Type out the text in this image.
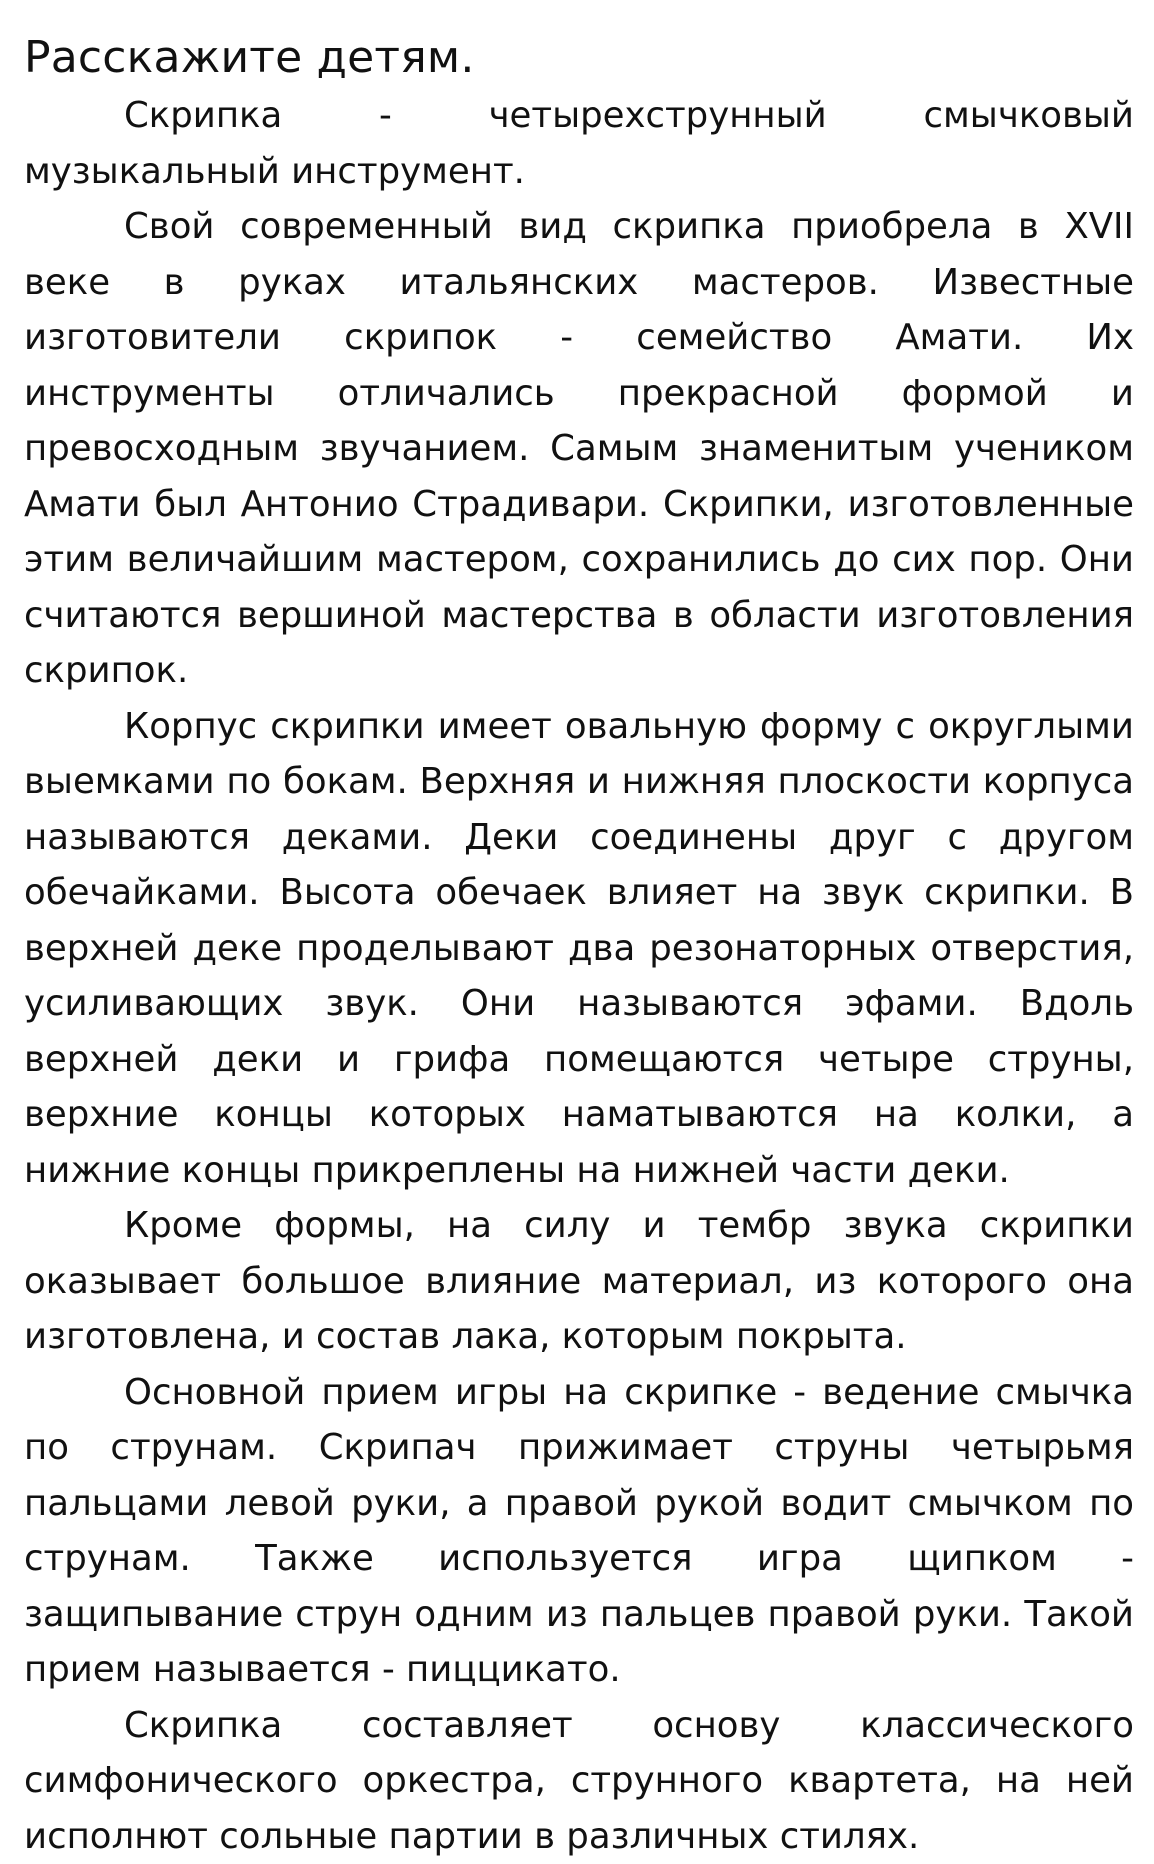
Расскажите детям.

Скрипка - четырехструнный смычковый музыкальный инструмент.

Свой современный вид скрипка приобрела в XVII веке в руках итальянских мастеров. Известные изготовители скрипок - семейство Амати. Их инструменты отличались прекрасной формой и превосходным звучанием. Самым знаменитым учеником Амати был Антонио Страдивари. Скрипки, изготовленные этим величайшим мастером, сохранились до сих пор. Они считаются вершиной мастерства в области изготовления скрипок.

Корпус скрипки имеет овальную форму с округлыми выемками по бокам. Верхняя и нижняя плоскости корпуса называются деками. Деки соединены друг с другом обечайками. Высота обечаек влияет на звук скрипки. В верхней деке проделывают два резонаторных отверстия, усиливающих звук. Они называются эфами. Вдоль верхней деки и грифа помещаются четыре струны, верхние концы которых наматываются на колки, а нижние концы прикреплены на нижней части деки.

Кроме формы, на силу и тембр звука скрипки оказывает большое влияние материал, из которого она изготовлена, и состав лака, которым покрыта.

Основной прием игры на скрипке - ведение смычка по струнам. Скрипач прижимает струны четырьмя пальцами левой руки, а правой рукой водит смычком по струнам. Также используется игра щипком - защипывание струн одним из пальцев правой руки. Такой прием называется - пиццикато.

Скрипка составляет основу классического симфонического оркестра, струнного квартета, на ней исполнют сольные партии в различных стилях.
